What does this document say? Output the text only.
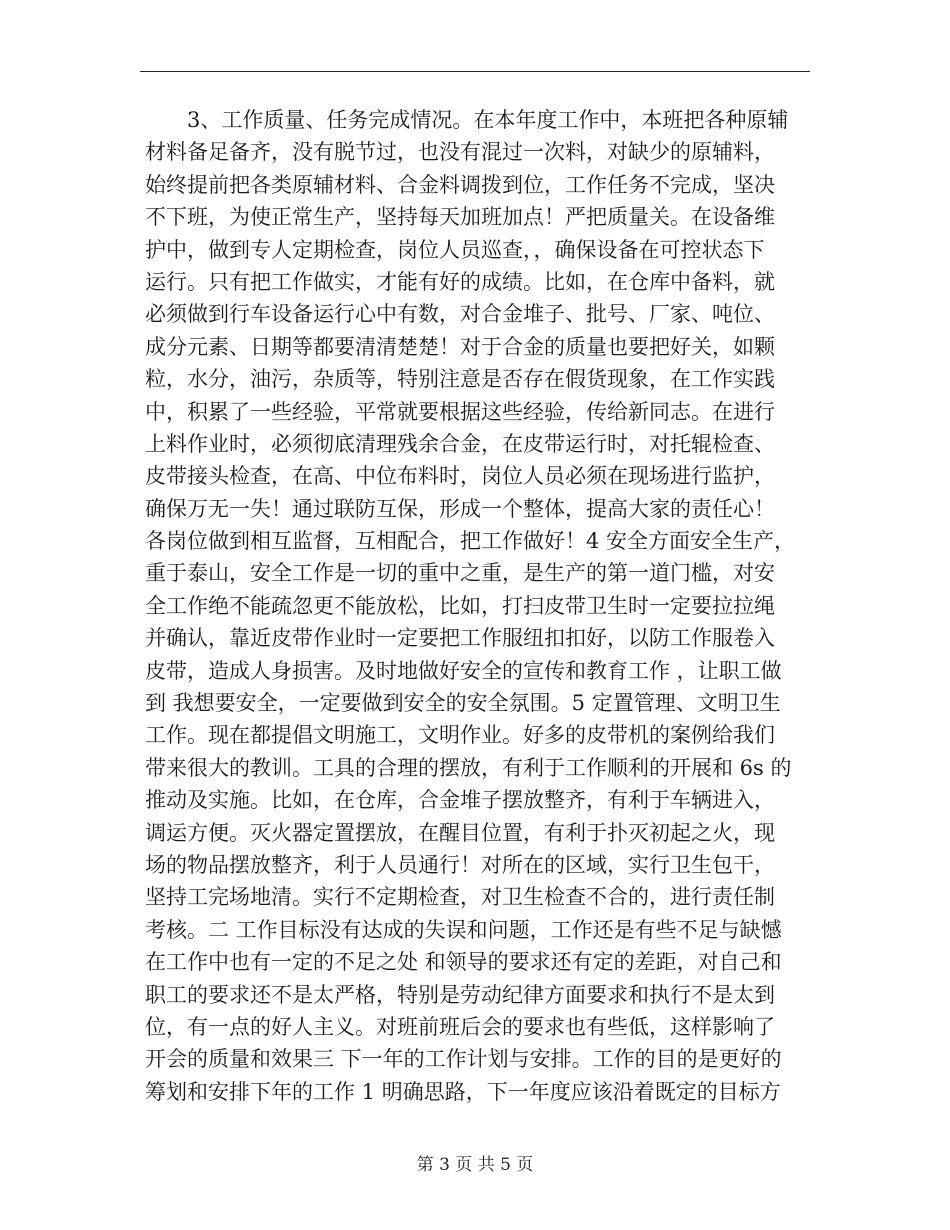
3、工作质量、任务完成情况。在本年度工作中，本班把各种原辅
材料备足备齐，没有脱节过，也没有混过一次料，对缺少的原辅料，
始终提前把各类原辅材料、合金料调拨到位，工作任务不完成，坚决
不下班，为使正常生产，坚持每天加班加点！严把质量关。在设备维
护中，做到专人定期检查，岗位人员巡查，，确保设备在可控状态下
运行。只有把工作做实，才能有好的成绩。比如，在仓库中备料，就
必须做到行车设备运行心中有数，对合金堆子、批号、厂家、吨位、
成分元素、日期等都要清清楚楚！对于合金的质量也要把好关，如颗
粒，水分，油污，杂质等，特别注意是否存在假货现象，在工作实践
中，积累了一些经验，平常就要根据这些经验，传给新同志。在进行
上料作业时，必须彻底清理残余合金，在皮带运行时，对托辊检查、
皮带接头检查，在高、中位布料时，岗位人员必须在现场进行监护，
确保万无一失！通过联防互保，形成一个整体，提高大家的责任心！
各岗位做到相互监督，互相配合，把工作做好！4 安全方面安全生产，
重于泰山，安全工作是一切的重中之重，是生产的第一道门槛，对安
全工作绝不能疏忽更不能放松，比如，打扫皮带卫生时一定要拉拉绳
并确认，靠近皮带作业时一定要把工作服纽扣扣好，以防工作服卷入
皮带，造成人身损害。及时地做好安全的宣传和教育工作 ，让职工做
到 我想要安全，一定要做到安全的安全氛围。5 定置管理、文明卫生
工作。现在都提倡文明施工，文明作业。好多的皮带机的案例给我们
带来很大的教训。工具的合理的摆放，有利于工作顺利的开展和 6s 的
推动及实施。比如，在仓库，合金堆子摆放整齐，有利于车辆进入，
调运方便。灭火器定置摆放，在醒目位置，有利于扑灭初起之火，现
场的物品摆放整齐，利于人员通行！对所在的区域，实行卫生包干，
坚持工完场地清。实行不定期检查，对卫生检查不合的，进行责任制
考核。二 工作目标没有达成的失误和问题，工作还是有些不足与缺憾
在工作中也有一定的不足之处 和领导的要求还有定的差距，对自己和
职工的要求还不是太严格，特别是劳动纪律方面要求和执行不是太到
位，有一点的好人主义。对班前班后会的要求也有些低，这样影响了
开会的质量和效果三 下一年的工作计划与安排。工作的目的是更好的
筹划和安排下年的工作 1 明确思路，下一年度应该沿着既定的目标方
第 3 页 共 5 页
